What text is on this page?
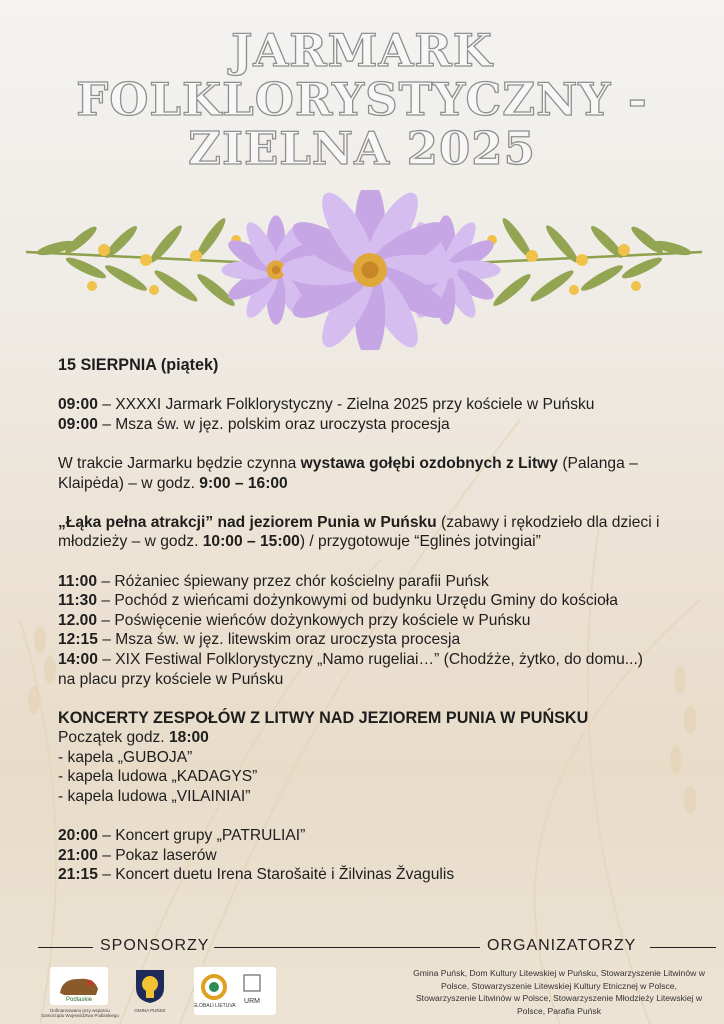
JARMARK
FOLKLORYSTYCZNY -
ZIELNA 2025

15 SIERPNIA (piątek)

09:00 – XXXXI Jarmark Folklorystyczny - Zielna 2025 przy kościele w Puńsku

09:00 – Msza św. w jęz. polskim oraz uroczysta procesja

W trakcie Jarmarku będzie czynna wystawa gołębi ozdobnych z Litwy (Palanga – Klaipėda) – w godz. 9:00 – 16:00

„Łąka pełna atrakcji” nad jeziorem Punia w Puńsku (zabawy i rękodzieło dla dzieci i młodzieży – w godz. 10:00 – 15:00) / przygotowuje “Eglinės jotvingiai”

11:00 – Różaniec śpiewany przez chór kościelny parafii Puńsk

11:30 – Pochód z wieńcami dożynkowymi od budynku Urzędu Gminy do kościoła

12.00 – Poświęcenie wieńców dożynkowych przy kościele w Puńsku

12:15 – Msza św. w jęz. litewskim oraz uroczysta procesja

14:00 – XIX Festiwal Folklorystyczny „Namo rugeliai…” (Chodźże, żytko, do domu...) na placu przy kościele w Puńsku

KONCERTY ZESPOŁÓW Z LITWY NAD JEZIOREM PUNIA W PUŃSKU

Początek godz. 18:00

- kapela „GUBOJA”

- kapela ludowa „KADAGYS”

- kapela ludowa „VILAINIAI”

20:00 – Koncert grupy „PATRULIAI”

21:00 – Pokaz laserów

21:15 – Koncert duetu Irena Starošaitė i Žilvinas Žvagulis

SPONSORZY	ORGANIZATORZY
Podlaskie
Dofinansowano przy wsparciu Samorządu Województwa Podlaskiego
GMINA PUŃSK
GLOBALI LIETUVA
URM
Gmina Puńsk, Dom Kultury Litewskiej w Puńsku, Stowarzyszenie Litwinów w Polsce, Stowarzyszenie Litewskiej Kultury Etnicznej w Polsce, Stowarzyszenie Litwinów w Polsce, Stowarzyszenie Młodzieży Litewskiej w Polsce, Parafia Puńsk
